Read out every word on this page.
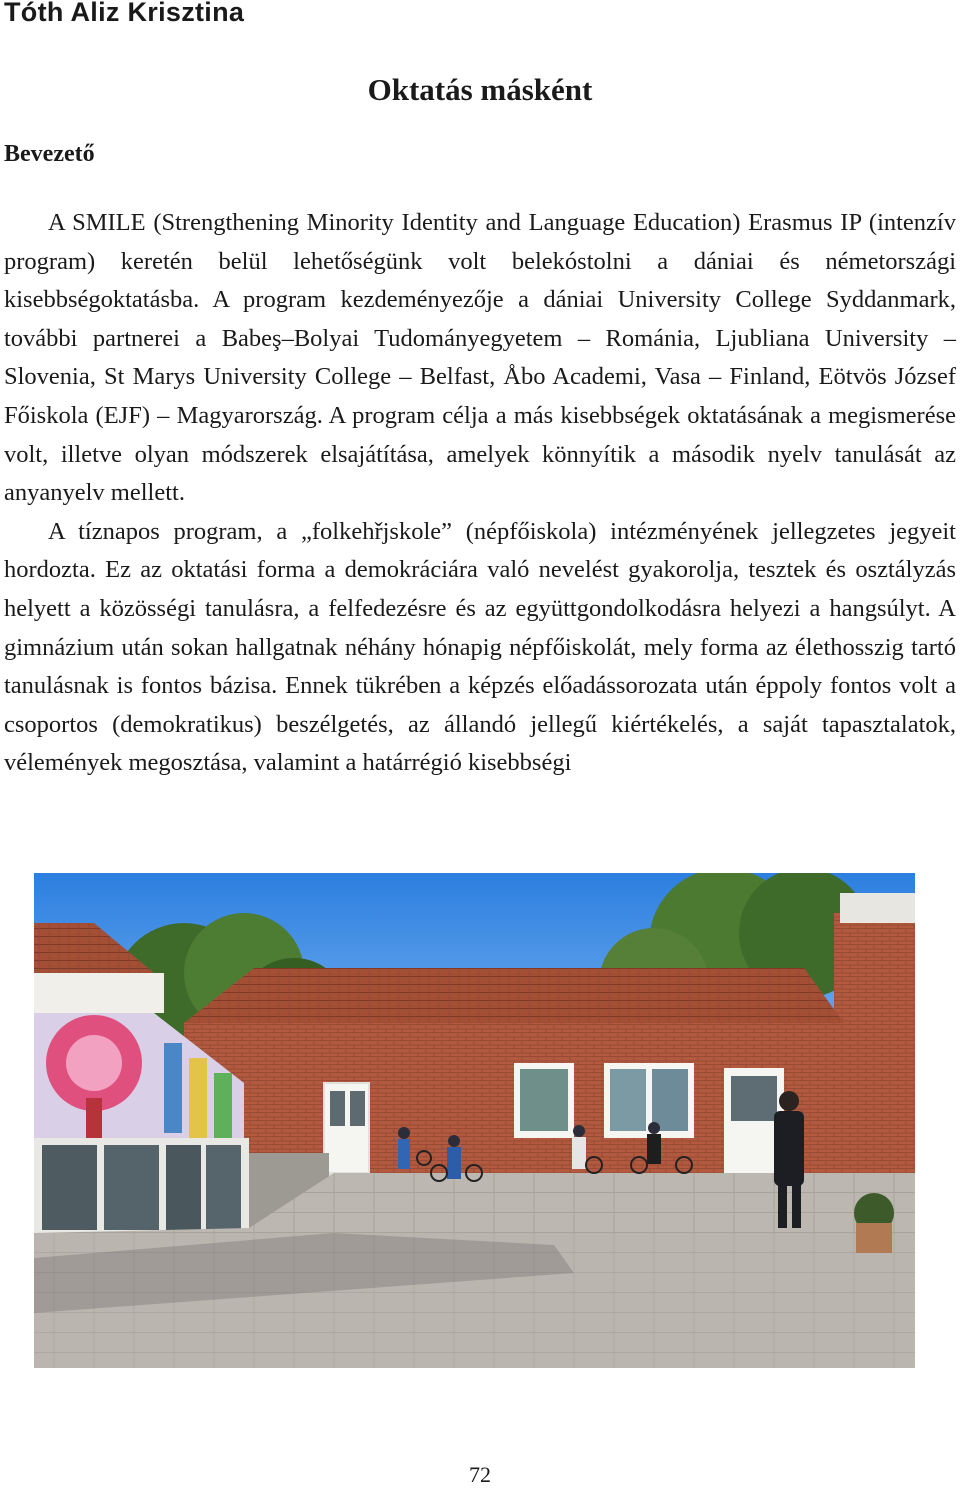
Tóth Aliz Krisztina
Oktatás másként
Bevezető

A SMILE (Strengthening Minority Identity and Language Education) Erasmus IP (intenzív program) keretén belül lehetőségünk volt belekóstolni a dániai és németországi kisebbségoktatásba. A program kezdeményezője a dániai University College Syddanmark, további partnerei a Babeş–Bolyai Tudományegyetem – Románia, Ljubliana University – Slovenia, St Marys University College – Belfast, Åbo Academi, Vasa – Finland, Eötvös József Főiskola (EJF) – Magyarország. A program célja a más kisebbségek oktatásának a megismerése volt, illetve olyan módszerek elsajátítása, amelyek könnyítik a második nyelv tanulását az anyanyelv mellett.

A tíznapos program, a „folkehřjskole” (népfőiskola) intézményének jellegzetes jegyeit hordozta. Ez az oktatási forma a demokráciára való nevelést gyakorolja, tesztek és osztályzás helyett a közösségi tanulásra, a felfedezésre és az együttgondolkodásra helyezi a hangsúlyt. A gimnázium után sokan hallgatnak néhány hónapig népfőiskolát, mely forma az élethosszig tartó tanulásnak is fontos bázisa. Ennek tükrében a képzés előadássorozata után éppoly fontos volt a csoportos (demokratikus) beszélgetés, az állandó jellegű kiértékelés, a saját tapasztalatok, vélemények megosztása, valamint a határrégió kisebbségi

72
